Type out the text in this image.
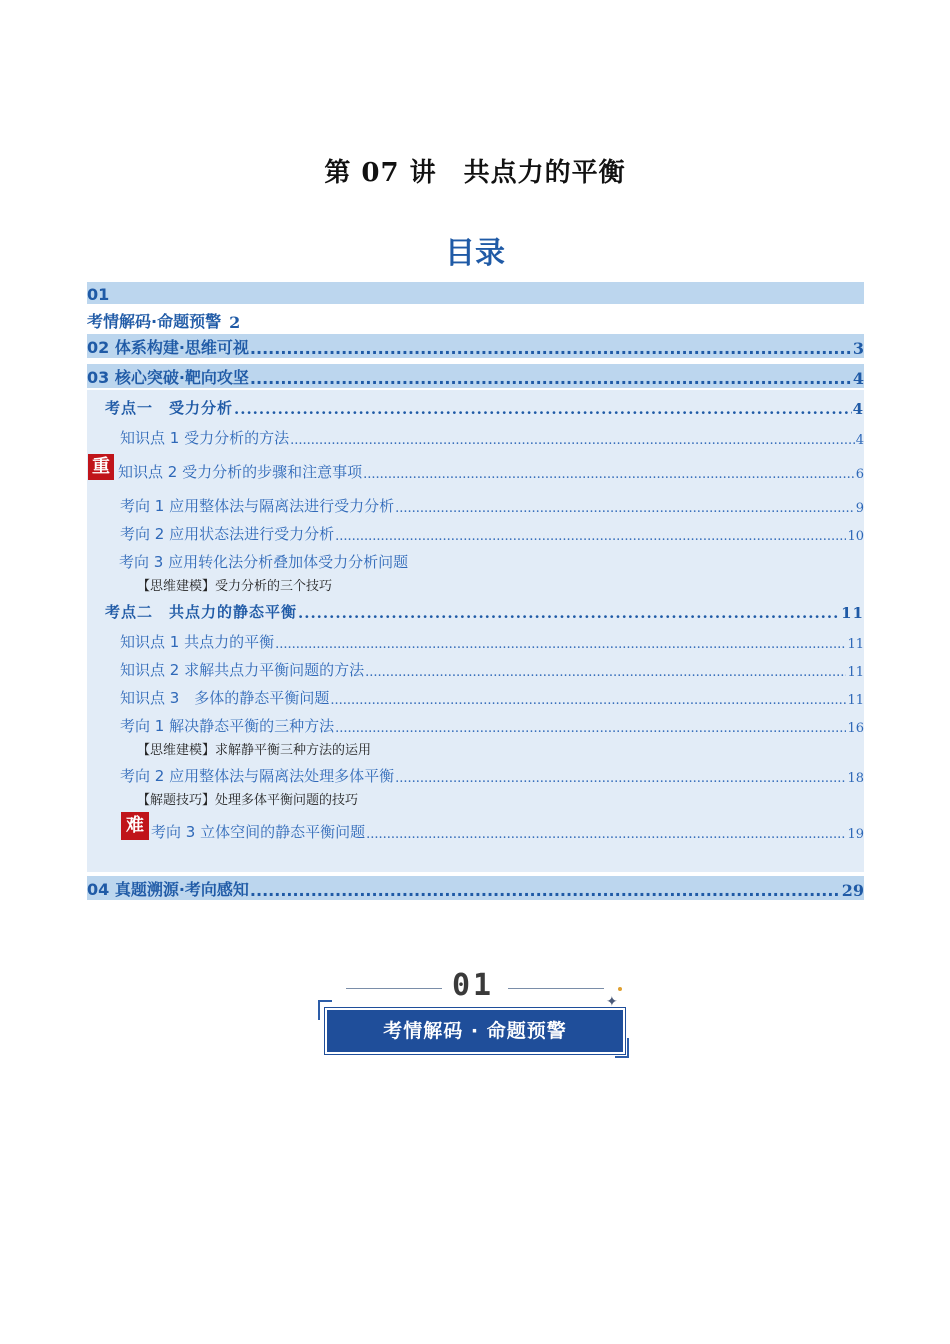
第 07 讲　共点力的平衡
目录
01
考情解码·命题预警 2
02 体系构建·思维可视 .....	3
03 核心突破·靶向攻坚 .....	4
考点一　受力分析 .....	4
知识点 1 受力分析的方法 .....	4
重 知识点 2 受力分析的步骤和注意事项 .....	6
考向 1 应用整体法与隔离法进行受力分析 .....	9
考向 2 应用状态法进行受力分析 .....	10
考向 3 应用转化法分析叠加体受力分析问题
【思维建模】受力分析的三个技巧
考点二　共点力的静态平衡 .....	11
知识点 1 共点力的平衡 .....	11
知识点 2 求解共点力平衡问题的方法 .....	11
知识点 3　多体的静态平衡问题 .....	11
考向 1 解决静态平衡的三种方法 .....	16
【思维建模】求解静平衡三种方法的运用
考向 2 应用整体法与隔离法处理多体平衡 .....	18
【解题技巧】处理多体平衡问题的技巧
难 考向 3 立体空间的静态平衡问题 .....	19
04 真题溯源·考向感知 .....	29
01
考情解码 · 命题预警
✦
